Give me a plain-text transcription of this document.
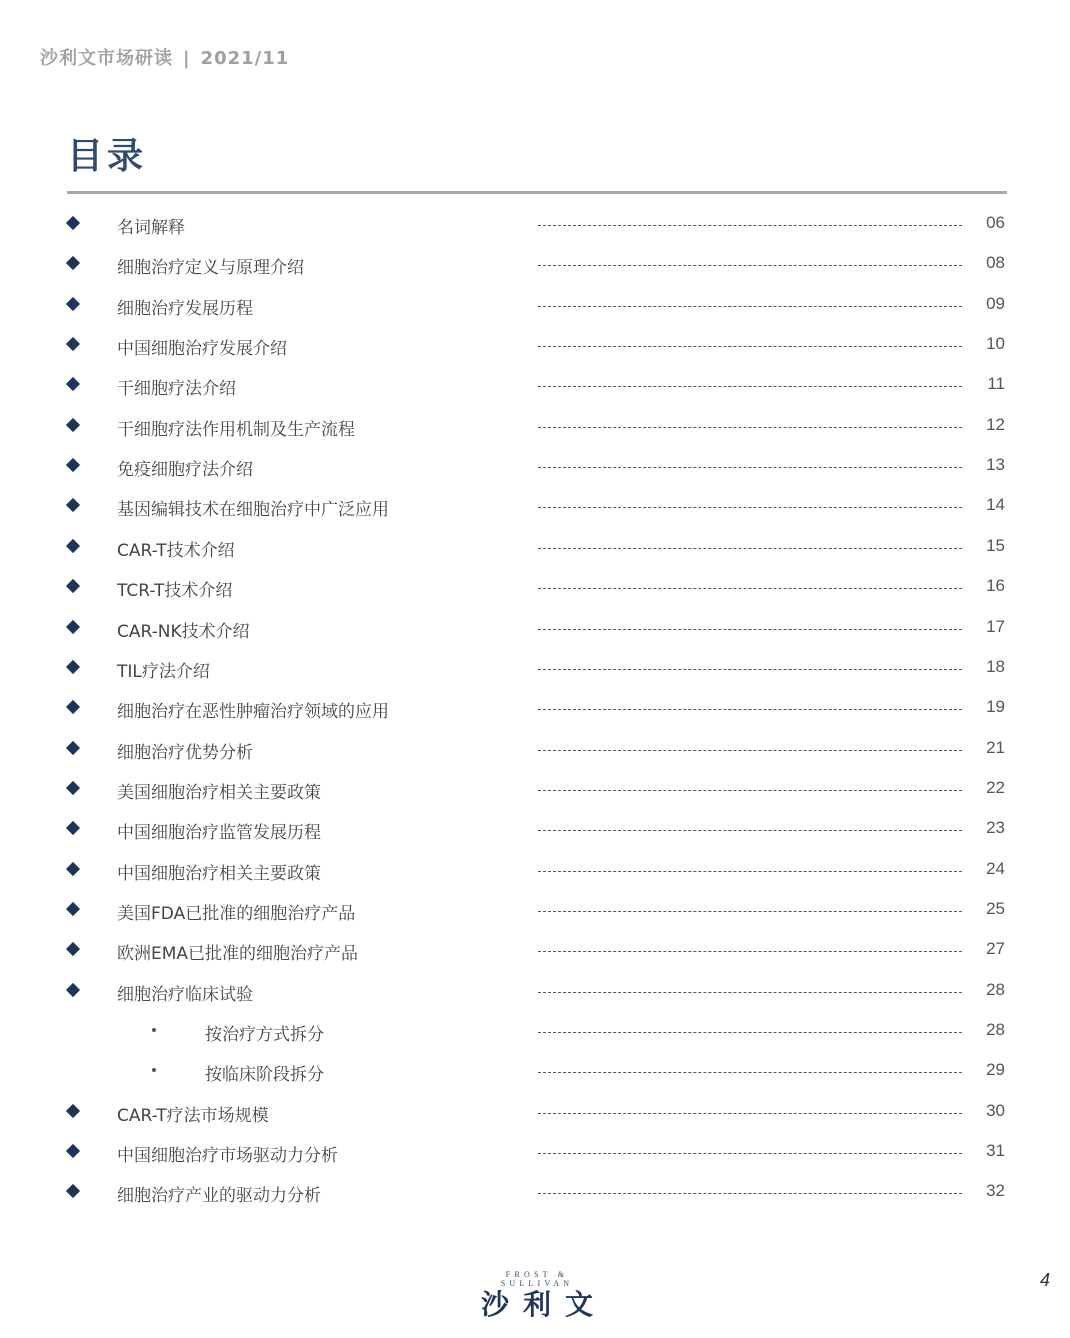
沙利文市场研读 | 2021/11
目录
名词解释	06
细胞治疗定义与原理介绍	08
细胞治疗发展历程	09
中国细胞治疗发展介绍	10
干细胞疗法介绍	11
干细胞疗法作用机制及生产流程	12
免疫细胞疗法介绍	13
基因编辑技术在细胞治疗中广泛应用	14
CAR-T技术介绍	15
TCR-T技术介绍	16
CAR-NK技术介绍	17
TIL疗法介绍	18
细胞治疗在恶性肿瘤治疗领域的应用	19
细胞治疗优势分析	21
美国细胞治疗相关主要政策	22
中国细胞治疗监管发展历程	23
中国细胞治疗相关主要政策	24
美国FDA已批准的细胞治疗产品	25
欧洲EMA已批准的细胞治疗产品	27
细胞治疗临床试验	28
按治疗方式拆分	28
按临床阶段拆分	29
CAR-T疗法市场规模	30
中国细胞治疗市场驱动力分析	31
细胞治疗产业的驱动力分析	32
FROST & SULLIVAN
沙利文
4
